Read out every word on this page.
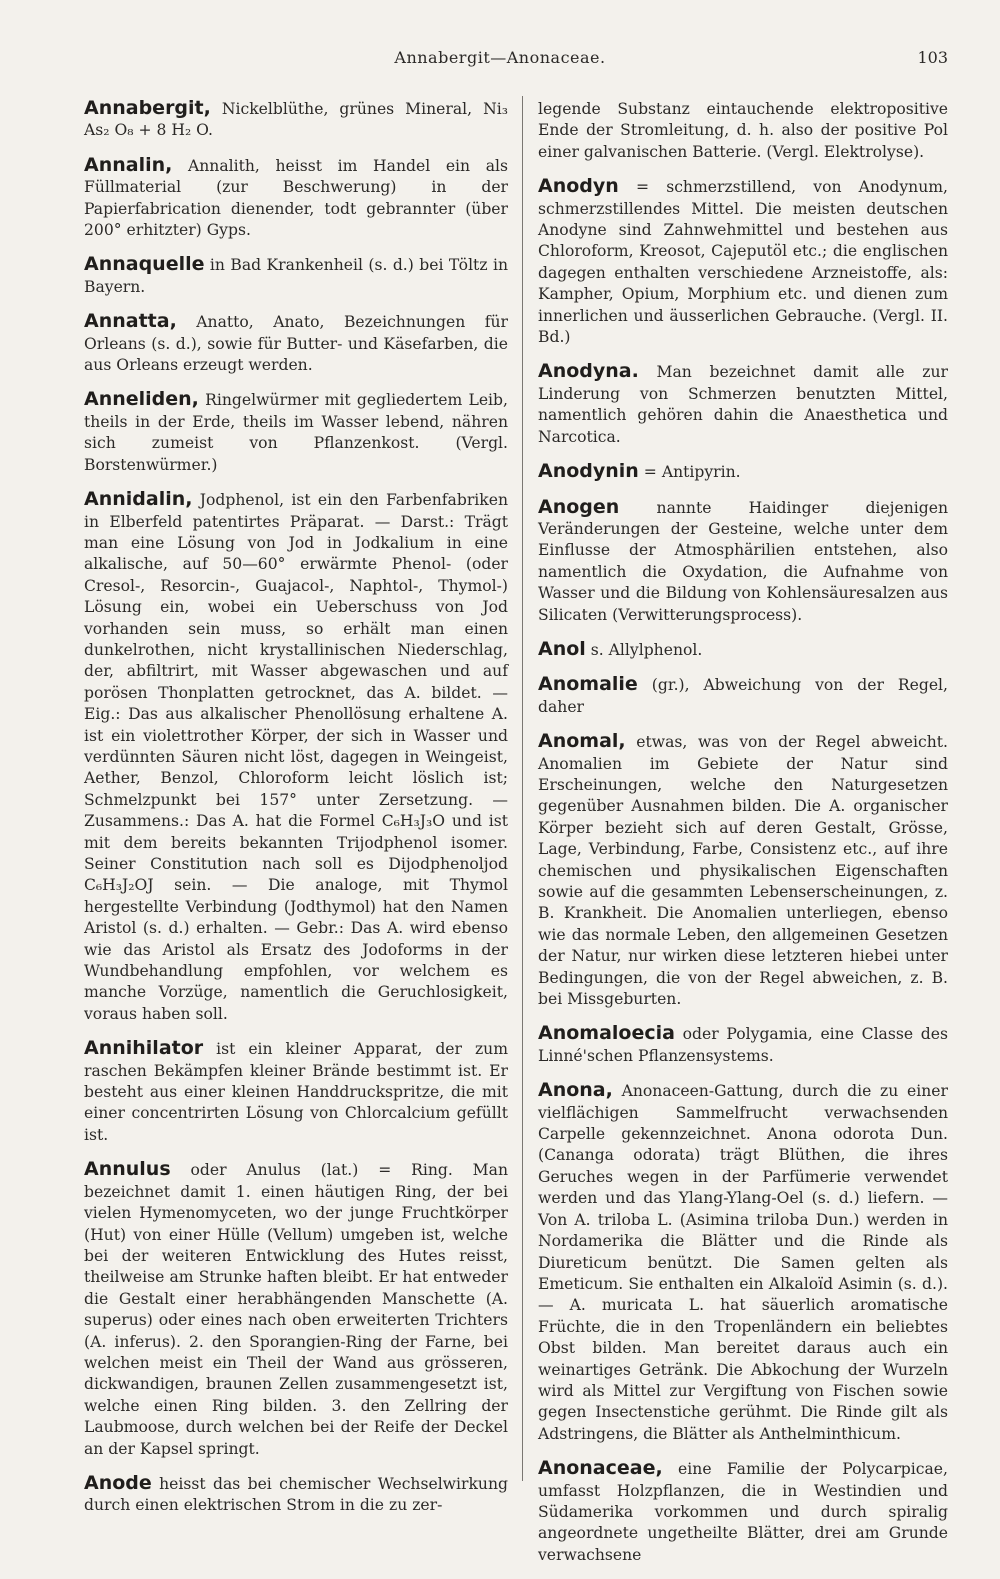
Annabergit—Anonaceae.	103

Annabergit, Nickelblüthe, grünes Mineral, Ni₃ As₂ O₈ + 8 H₂ O.

Annalin, Annalith, heisst im Handel ein als Füllmaterial (zur Beschwerung) in der Papierfabrication dienender, todt gebrannter (über 200° erhitzter) Gyps.

Annaquelle in Bad Krankenheil (s. d.) bei Töltz in Bayern.

Annatta, Anatto, Anato, Bezeichnungen für Orleans (s. d.), sowie für Butter- und Käsefarben, die aus Orleans erzeugt werden.

Anneliden, Ringelwürmer mit gegliedertem Leib, theils in der Erde, theils im Wasser lebend, nähren sich zumeist von Pflanzenkost. (Vergl. Borstenwürmer.)

Annidalin, Jodphenol, ist ein den Farbenfabriken in Elberfeld patentirtes Präparat. — Darst.: Trägt man eine Lösung von Jod in Jodkalium in eine alkalische, auf 50—60° erwärmte Phenol- (oder Cresol-, Resorcin-, Guajacol-, Naphtol-, Thymol-) Lösung ein, wobei ein Ueberschuss von Jod vorhanden sein muss, so erhält man einen dunkelrothen, nicht krystallinischen Niederschlag, der, abfiltrirt, mit Wasser abgewaschen und auf porösen Thonplatten getrocknet, das A. bildet. — Eig.: Das aus alkalischer Phenollösung erhaltene A. ist ein violettrother Körper, der sich in Wasser und verdünnten Säuren nicht löst, dagegen in Weingeist, Aether, Benzol, Chloroform leicht löslich ist; Schmelzpunkt bei 157° unter Zersetzung. — Zusammens.: Das A. hat die Formel C₆H₃J₃O und ist mit dem bereits bekannten Trijodphenol isomer. Seiner Constitution nach soll es Dijodphenoljod C₆H₃J₂OJ sein. — Die analoge, mit Thymol hergestellte Verbindung (Jodthymol) hat den Namen Aristol (s. d.) erhalten. — Gebr.: Das A. wird ebenso wie das Aristol als Ersatz des Jodoforms in der Wundbehandlung empfohlen, vor welchem es manche Vorzüge, namentlich die Geruchlosigkeit, voraus haben soll.

Annihilator ist ein kleiner Apparat, der zum raschen Bekämpfen kleiner Brände bestimmt ist. Er besteht aus einer kleinen Handdruckspritze, die mit einer concentrirten Lösung von Chlorcalcium gefüllt ist.

Annulus oder Anulus (lat.) = Ring. Man bezeichnet damit 1. einen häutigen Ring, der bei vielen Hymenomyceten, wo der junge Fruchtkörper (Hut) von einer Hülle (Vellum) umgeben ist, welche bei der weiteren Entwicklung des Hutes reisst, theilweise am Strunke haften bleibt. Er hat entweder die Gestalt einer herabhängenden Manschette (A. superus) oder eines nach oben erweiterten Trichters (A. inferus). 2. den Sporangien-Ring der Farne, bei welchen meist ein Theil der Wand aus grösseren, dickwandigen, braunen Zellen zusammengesetzt ist, welche einen Ring bilden. 3. den Zellring der Laubmoose, durch welchen bei der Reife der Deckel an der Kapsel springt.

Anode heisst das bei chemischer Wechselwirkung durch einen elektrischen Strom in die zu zer-

legende Substanz eintauchende elektropositive Ende der Stromleitung, d. h. also der positive Pol einer galvanischen Batterie. (Vergl. Elektrolyse).

Anodyn = schmerzstillend, von Anodynum, schmerzstillendes Mittel. Die meisten deutschen Anodyne sind Zahnwehmittel und bestehen aus Chloroform, Kreosot, Cajeputöl etc.; die englischen dagegen enthalten verschiedene Arzneistoffe, als: Kampher, Opium, Morphium etc. und dienen zum innerlichen und äusserlichen Gebrauche. (Vergl. II. Bd.)

Anodyna. Man bezeichnet damit alle zur Linderung von Schmerzen benutzten Mittel, namentlich gehören dahin die Anaesthetica und Narcotica.

Anodynin = Antipyrin.

Anogen nannte Haidinger diejenigen Veränderungen der Gesteine, welche unter dem Einflusse der Atmosphärilien entstehen, also namentlich die Oxydation, die Aufnahme von Wasser und die Bildung von Kohlensäuresalzen aus Silicaten (Verwitterungsprocess).

Anol s. Allylphenol.

Anomalie (gr.), Abweichung von der Regel, daher

Anomal, etwas, was von der Regel abweicht. Anomalien im Gebiete der Natur sind Erscheinungen, welche den Naturgesetzen gegenüber Ausnahmen bilden. Die A. organischer Körper bezieht sich auf deren Gestalt, Grösse, Lage, Verbindung, Farbe, Consistenz etc., auf ihre chemischen und physikalischen Eigenschaften sowie auf die gesammten Lebenserscheinungen, z. B. Krankheit. Die Anomalien unterliegen, ebenso wie das normale Leben, den allgemeinen Gesetzen der Natur, nur wirken diese letzteren hiebei unter Bedingungen, die von der Regel abweichen, z. B. bei Missgeburten.

Anomaloecia oder Polygamia, eine Classe des Linné'schen Pflanzensystems.

Anona, Anonaceen-Gattung, durch die zu einer vielflächigen Sammelfrucht verwachsenden Carpelle gekennzeichnet. Anona odorota Dun. (Cananga odorata) trägt Blüthen, die ihres Geruches wegen in der Parfümerie verwendet werden und das Ylang-Ylang-Oel (s. d.) liefern. — Von A. triloba L. (Asimina triloba Dun.) werden in Nordamerika die Blätter und die Rinde als Diureticum benützt. Die Samen gelten als Emeticum. Sie enthalten ein Alkaloïd Asimin (s. d.). — A. muricata L. hat säuerlich aromatische Früchte, die in den Tropenländern ein beliebtes Obst bilden. Man bereitet daraus auch ein weinartiges Getränk. Die Abkochung der Wurzeln wird als Mittel zur Vergiftung von Fischen sowie gegen Insectenstiche gerühmt. Die Rinde gilt als Adstringens, die Blätter als Anthelminthicum.

Anonaceae, eine Familie der Polycarpicae, umfasst Holzpflanzen, die in Westindien und Südamerika vorkommen und durch spiralig angeordnete ungetheilte Blätter, drei am Grunde verwachsene
